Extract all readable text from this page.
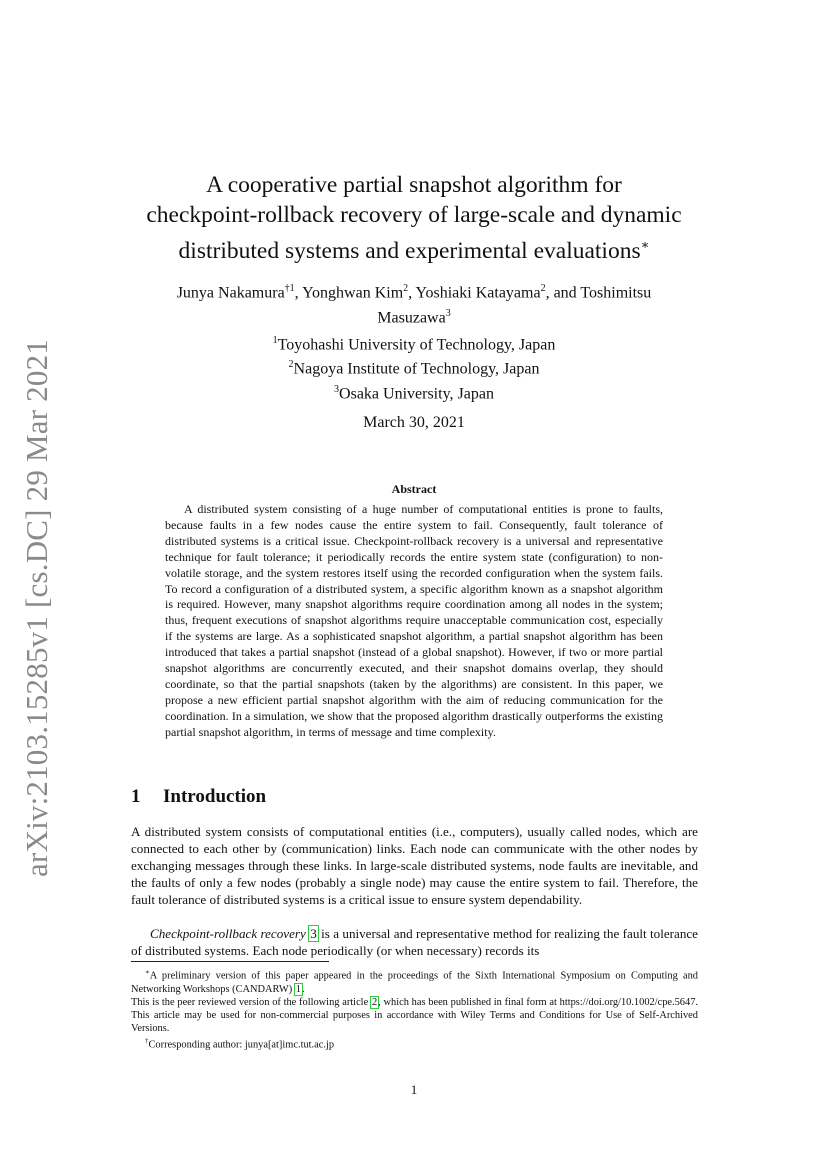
arXiv:2103.15285v1 [cs.DC] 29 Mar 2021
A cooperative partial snapshot algorithm for
checkpoint-rollback recovery of large-scale and dynamic
distributed systems and experimental evaluations∗
Junya Nakamura$^{\dagger 1}$, Yonghwan Kim$^2$, Yoshiaki Katayama$^2$, and Toshimitsu
Masuzawa$^3$
$^1$Toyohashi University of Technology, Japan
$^2$Nagoya Institute of Technology, Japan
$^3$Osaka University, Japan
March 30, 2021
Abstract

A distributed system consisting of a huge number of computational entities is prone to faults, because faults in a few nodes cause the entire system to fail. Consequently, fault tolerance of distributed systems is a critical issue. Checkpoint-rollback recovery is a universal and representative technique for fault tolerance; it periodically records the entire system state (configuration) to non-volatile storage, and the system restores itself using the recorded configuration when the system fails. To record a configuration of a distributed system, a specific algorithm known as a snapshot algorithm is required. However, many snapshot algorithms require coordination among all nodes in the system; thus, frequent executions of snapshot algorithms require unacceptable communication cost, especially if the systems are large. As a sophisticated snapshot algorithm, a partial snapshot algorithm has been introduced that takes a partial snapshot (instead of a global snapshot). However, if two or more partial snapshot algorithms are concurrently executed, and their snapshot domains overlap, they should coordinate, so that the partial snapshots (taken by the algorithms) are consistent. In this paper, we propose a new efficient partial snapshot algorithm with the aim of reducing communication for the coordination. In a simulation, we show that the proposed algorithm drastically outperforms the existing partial snapshot algorithm, in terms of message and time complexity.

1 Introduction

A distributed system consists of computational entities (i.e., computers), usually called nodes, which are connected to each other by (communication) links. Each node can communicate with the other nodes by exchanging messages through these links. In large-scale distributed systems, node faults are inevitable, and the faults of only a few nodes (probably a single node) may cause the entire system to fail. Therefore, the fault tolerance of distributed systems is a critical issue to ensure system dependability.

Checkpoint-rollback recovery 3 is a universal and representative method for realizing the fault tolerance of distributed systems. Each node periodically (or when necessary) records its

∗A preliminary version of this paper appeared in the proceedings of the Sixth International Symposium on Computing and Networking Workshops (CANDARW) 1.

This is the peer reviewed version of the following article 2, which has been published in final form at https://doi.org/10.1002/cpe.5647. This article may be used for non-commercial purposes in accordance with Wiley Terms and Conditions for Use of Self-Archived Versions.

†Corresponding author: junya[at]imc.tut.ac.jp

1
